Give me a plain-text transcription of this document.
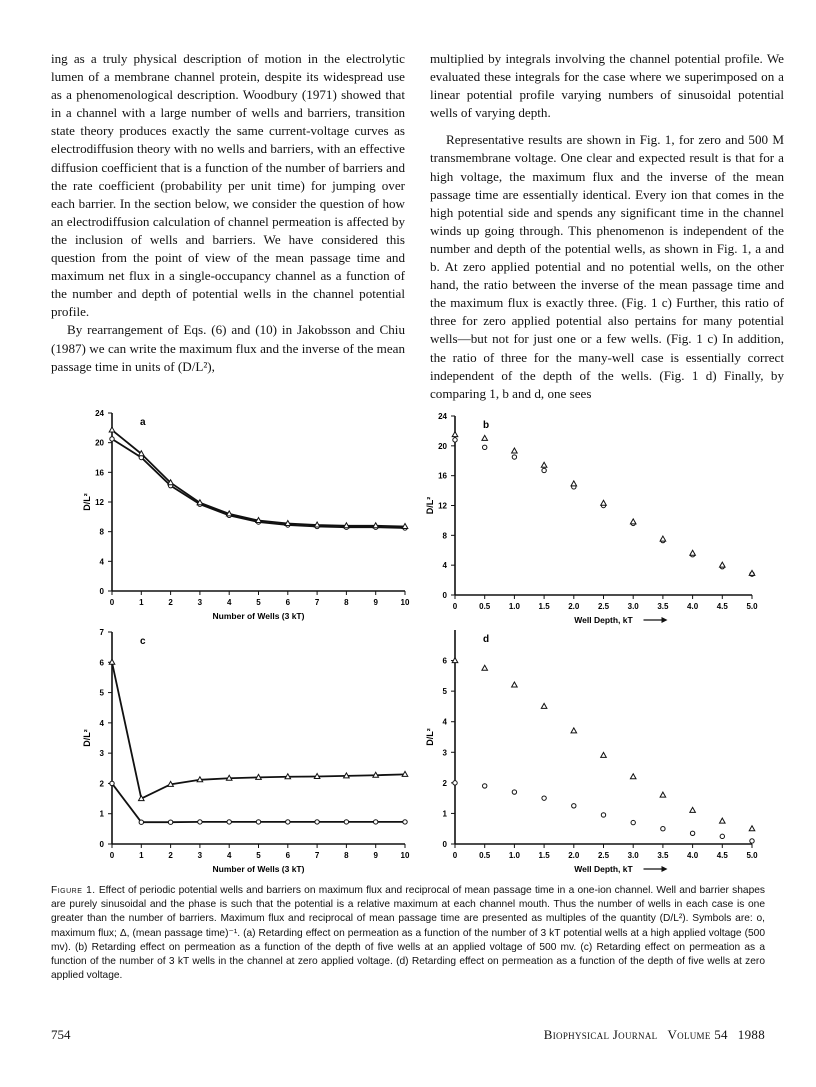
ing as a truly physical description of motion in the electrolytic lumen of a membrane channel protein, despite its widespread use as a phenomenological description. Woodbury (1971) showed that in a channel with a large number of wells and barriers, transition state theory produces exactly the same current-voltage curves as electrodiffusion theory with no wells and barriers, with an effective diffusion coefficient that is a function of the number of barriers and the rate coefficient (probability per unit time) for jumping over each barrier. In the section below, we consider the question of how an electrodiffusion calculation of channel permeation is affected by the inclusion of wells and barriers. We have considered this question from the point of view of the mean passage time and maximum net flux in a single-occupancy channel as a function of the number and depth of potential wells in the channel potential profile.

By rearrangement of Eqs. (6) and (10) in Jakobsson and Chiu (1987) we can write the maximum flux and the inverse of the mean passage time in units of (D/L²),

multiplied by integrals involving the channel potential profile. We evaluated these integrals for the case where we superimposed on a linear potential profile varying numbers of sinusoidal potential wells of varying depth.

Representative results are shown in Fig. 1, for zero and 500 M transmembrane voltage. One clear and expected result is that for a high voltage, the maximum flux and the inverse of the mean passage time are essentially identical. Every ion that comes in the high potential side and spends any significant time in the channel winds up going through. This phenomenon is independent of the number and depth of the potential wells, as shown in Fig. 1, a and b. At zero applied potential and no potential wells, on the other hand, the ratio between the inverse of the mean passage time and the maximum flux is exactly three. (Fig. 1 c) Further, this ratio of three for zero applied potential also pertains for many potential wells—but not for just one or a few wells. (Fig. 1 c) In addition, the ratio of three for the many-well case is essentially correct independent of the depth of the wells. (Fig. 1 d) Finally, by comparing 1, b and d, one sees

a
0	1	2	3	4	5	6	7	8	9	10
0
4
8
12
16
20
24
Number of Wells (3 kT)
D/L²
b
0	0.5 1.0 1.5 2.0 2.5 3.0 3.5 4.0 4.5 5.0
0
4
8
12
16
20
24
Well Depth, kT
D/L²
c
0	1	2	3	4	5	6	7	8	9	10
0
1
2
3
4
5
6
7
Number of Wells (3 kT)
D/L²
d
0	0.5 1.0 1.5 2.0 2.5 3.0 3.5 4.0 4.5 5.0
0
1
2
3
4
5
6
Well Depth, kT
D/L²
Figure 1. Effect of periodic potential wells and barriers on maximum flux and reciprocal of mean passage time in a one-ion channel. Well and barrier shapes are purely sinusoidal and the phase is such that the potential is a relative maximum at each channel mouth. Thus the number of wells in each case is one greater than the number of barriers. Maximum flux and reciprocal of mean passage time are presented as multiples of the quantity (D/L²). Symbols are: o, maximum flux; Δ, (mean passage time)⁻¹. (a) Retarding effect on permeation as a function of the number of 3 kT potential wells at a high applied voltage (500 mv). (b) Retarding effect on permeation as a function of the depth of five wells at an applied voltage of 500 mv. (c) Retarding effect on permeation as a function of the number of 3 kT wells in the channel at zero applied voltage. (d) Retarding effect on permeation as a function of the depth of five wells at zero applied voltage.
754	Biophysical Journal Volume 54 1988
